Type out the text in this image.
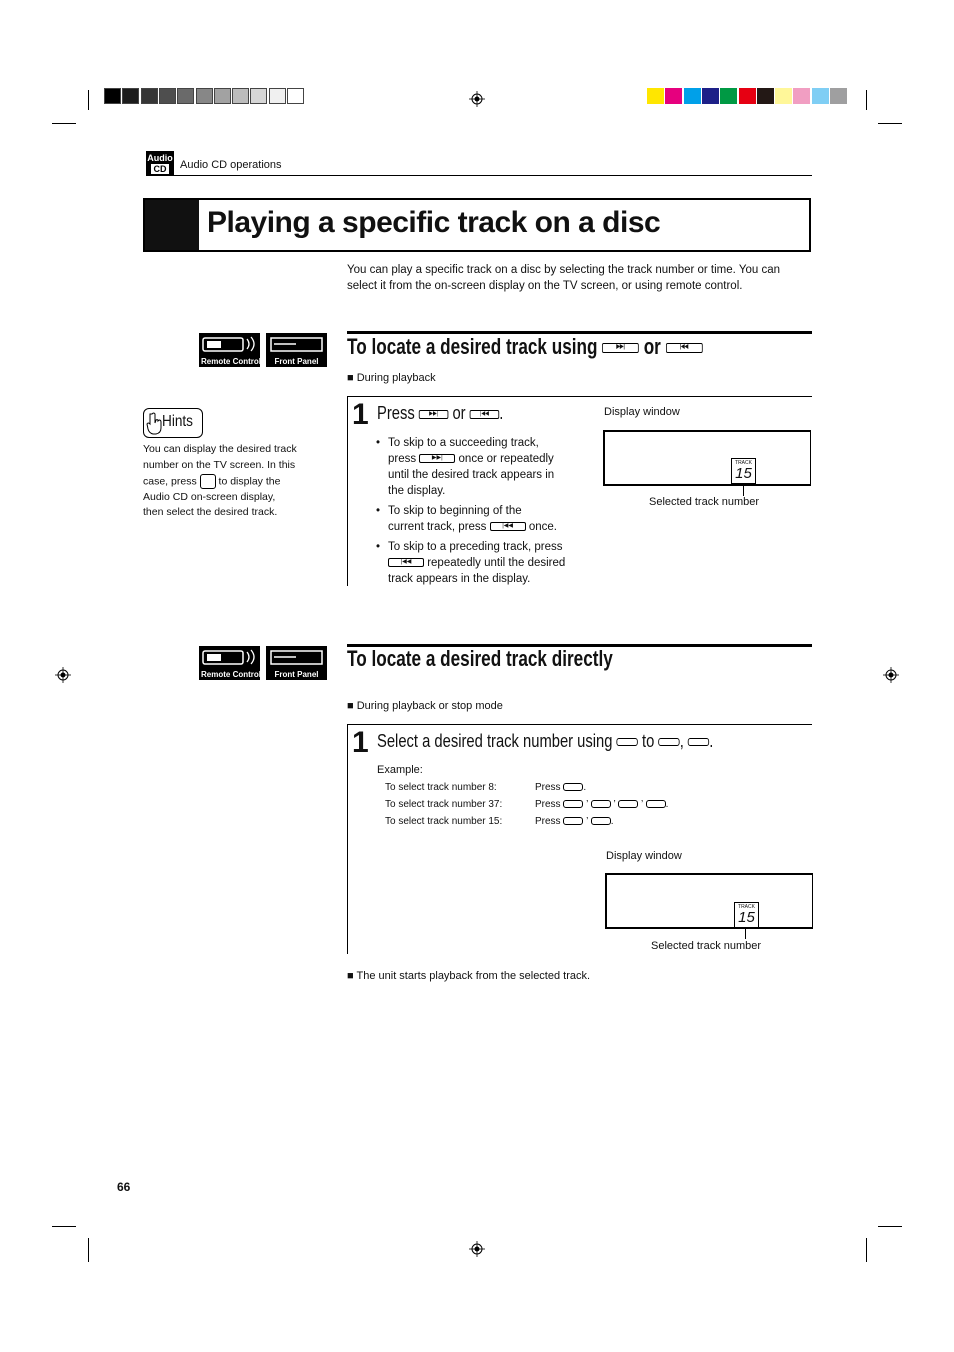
Audio
CD Audio CD operations
Playing a specific track on a disc
You can play a specific track on a disc by selecting the track number or time. You can select it from the on-screen display on the TV screen, or using remote control.
Remote Control	Front Panel
To locate a desired track using	▶▶| or	|◀◀
■ During playback
1 Press	▶▶| or	|◀◀ .
• To skip to a succeeding track,
press	▶▶|	once or repeatedly
until the desired track appears in
the display.
• To skip to beginning of the
current track, press	|◀◀	once.
• To skip to a preceding track, press
|◀◀	repeatedly until the desired
track appears in the display.
Display window
TRACK
15
Selected track number
Hints
You can display the desired track
number on the TV screen. In this
case, press to display the
Audio CD on-screen display,
then select the desired track.
Remote Control	Front Panel
To locate a desired track directly
■ During playback or stop mode
1 Select a desired track number using to , .
Example:
To select track number 8:	Press .
To select track number 37:	Press  ’  ’  ’ .
To select track number 15:	Press  ’ .
Display window
TRACK
15
Selected track number
■ The unit starts playback from the selected track.
66
